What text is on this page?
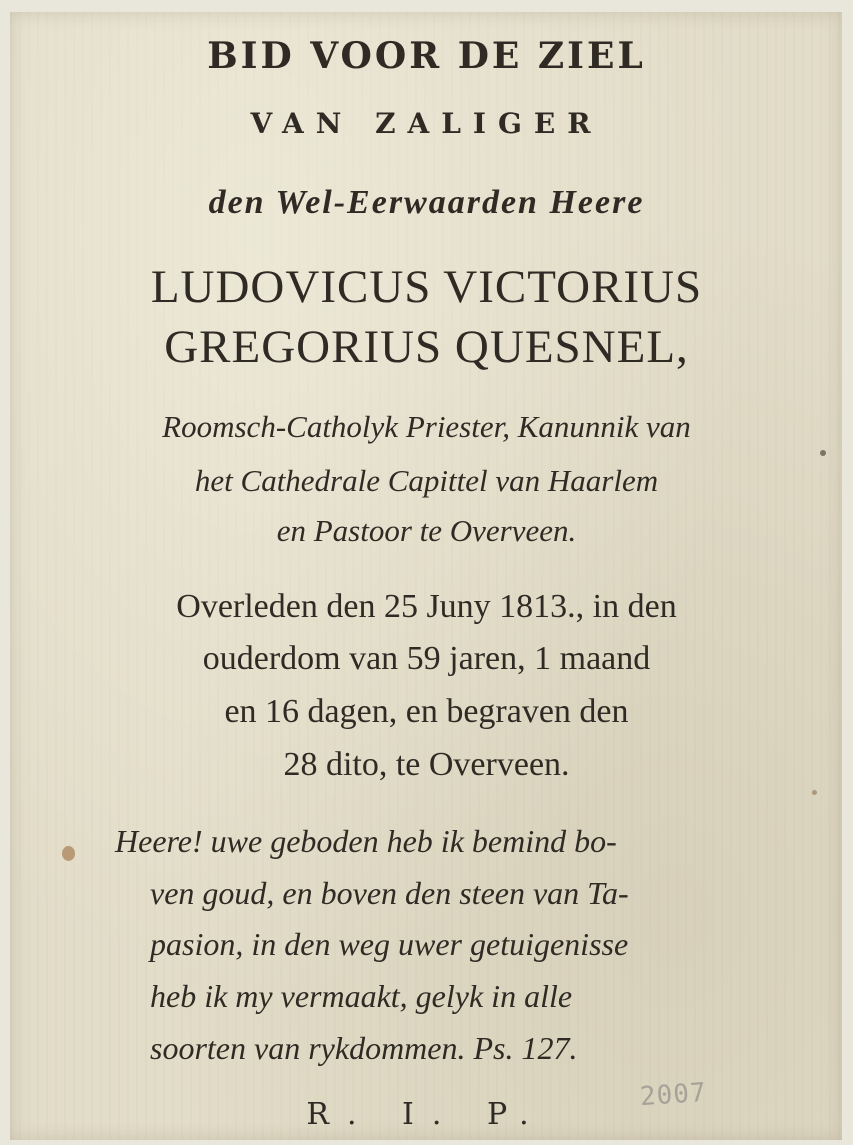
BID VOOR DE ZIEL
VAN ZALIGER
den Wel-Eerwaarden Heere
LUDOVICUS VICTORIUS
GREGORIUS QUESNEL,
Roomsch-Catholyk Priester, Kanunnik van
het Cathedrale Capittel van Haarlem
en Pastoor te Overveen.
Overleden den 25 Juny 1813., in den
ouderdom van 59 jaren, 1 maand
en 16 dagen, en begraven den
28 dito, te Overveen.
Heere! uwe geboden heb ik bemind bo-
ven goud, en boven den steen van Ta-
pasion, in den weg uwer getuigenisse
heb ik my vermaakt, gelyk in alle
soorten van rykdommen. Ps. 127.
R. I. P.
2007
